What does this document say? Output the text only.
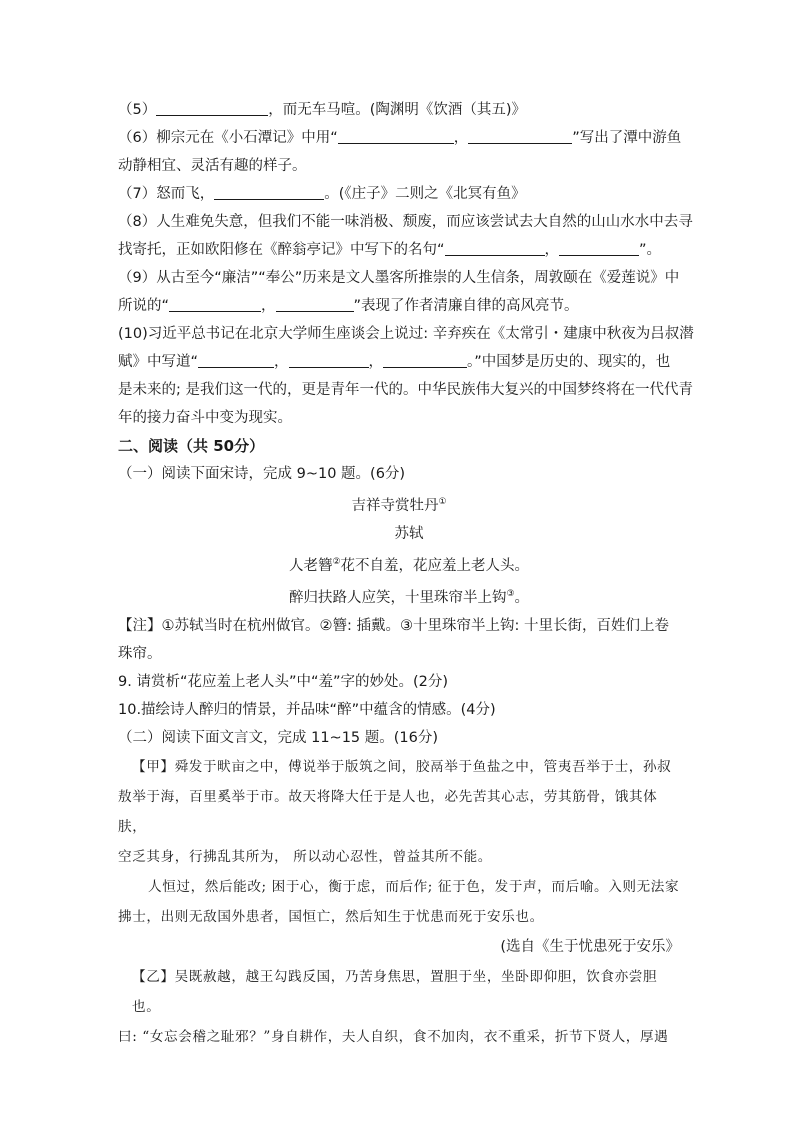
（5）	，而无车马喧。(陶渊明《饮酒（其五)》

（6）柳宗元在《小石潭记》中用“	，	”写出了潭中游鱼

动静相宜、灵活有趣的样子。

（7）怒而飞，	。(《庄子》二则之《北冥有鱼》

（8）人生难免失意，但我们不能一味消极、颓废，而应该尝试去大自然的山山水水中去寻

找寄托，正如欧阳修在《醉翁亭记》中写下的名句“	，	”。

（9）从古至今“廉洁”“奉公”历来是文人墨客所推崇的人生信条，周敦颐在《爱莲说》中

所说的“	，	”表现了作者清廉自律的高风亮节。

(10)习近平总书记在北京大学师生座谈会上说过: 辛弃疾在《太常引・建康中秋夜为吕叔潜

赋》中写道“	，	，	。”中国梦是历史的、现实的，也

是未来的; 是我们这一代的，更是青年一代的。中华民族伟大复兴的中国梦终将在一代代青

年的接力奋斗中变为现实。

二、阅读（共 50分）

（一）阅读下面宋诗，完成 9~10 题。(6分)

吉祥寺赏牡丹①

苏轼

人老簪②花不自羞，花应羞上老人头。

醉归扶路人应笑，十里珠帘半上钩③。

【注】①苏轼当时在杭州做官。②簪: 插戴。③十里珠帘半上钩: 十里长街，百姓们上卷

珠帘。

9. 请赏析“花应羞上老人头”中“羞”字的妙处。(2分)

10.描绘诗人醉归的情景，并品味“醉”中蕴含的情感。(4分)

（二）阅读下面文言文，完成 11~15 题。(16分)

【甲】舜发于畎亩之中，傅说举于版筑之间，胶鬲举于鱼盐之中，管夷吾举于士，孙叔

敖举于海，百里奚举于市。故天将降大任于是人也，必先苦其心志，劳其筋骨，饿其体肤，

空乏其身，行拂乱其所为， 所以动心忍性，曾益其所不能。

人恒过，然后能改; 困于心，衡于虑，而后作; 征于色，发于声，而后喻。入则无法家

拂士，出则无敌国外患者，国恒亡，然后知生于忧患而死于安乐也。

(选自《生于忧患死于安乐》

【乙】吴既赦越，越王勾践反国，乃苦身焦思，置胆于坐，坐卧即仰胆，饮食亦尝胆也。

曰: “女忘会稽之耻邪？”身自耕作，夫人自织，食不加肉，衣不重采，折节下贤人，厚遇
